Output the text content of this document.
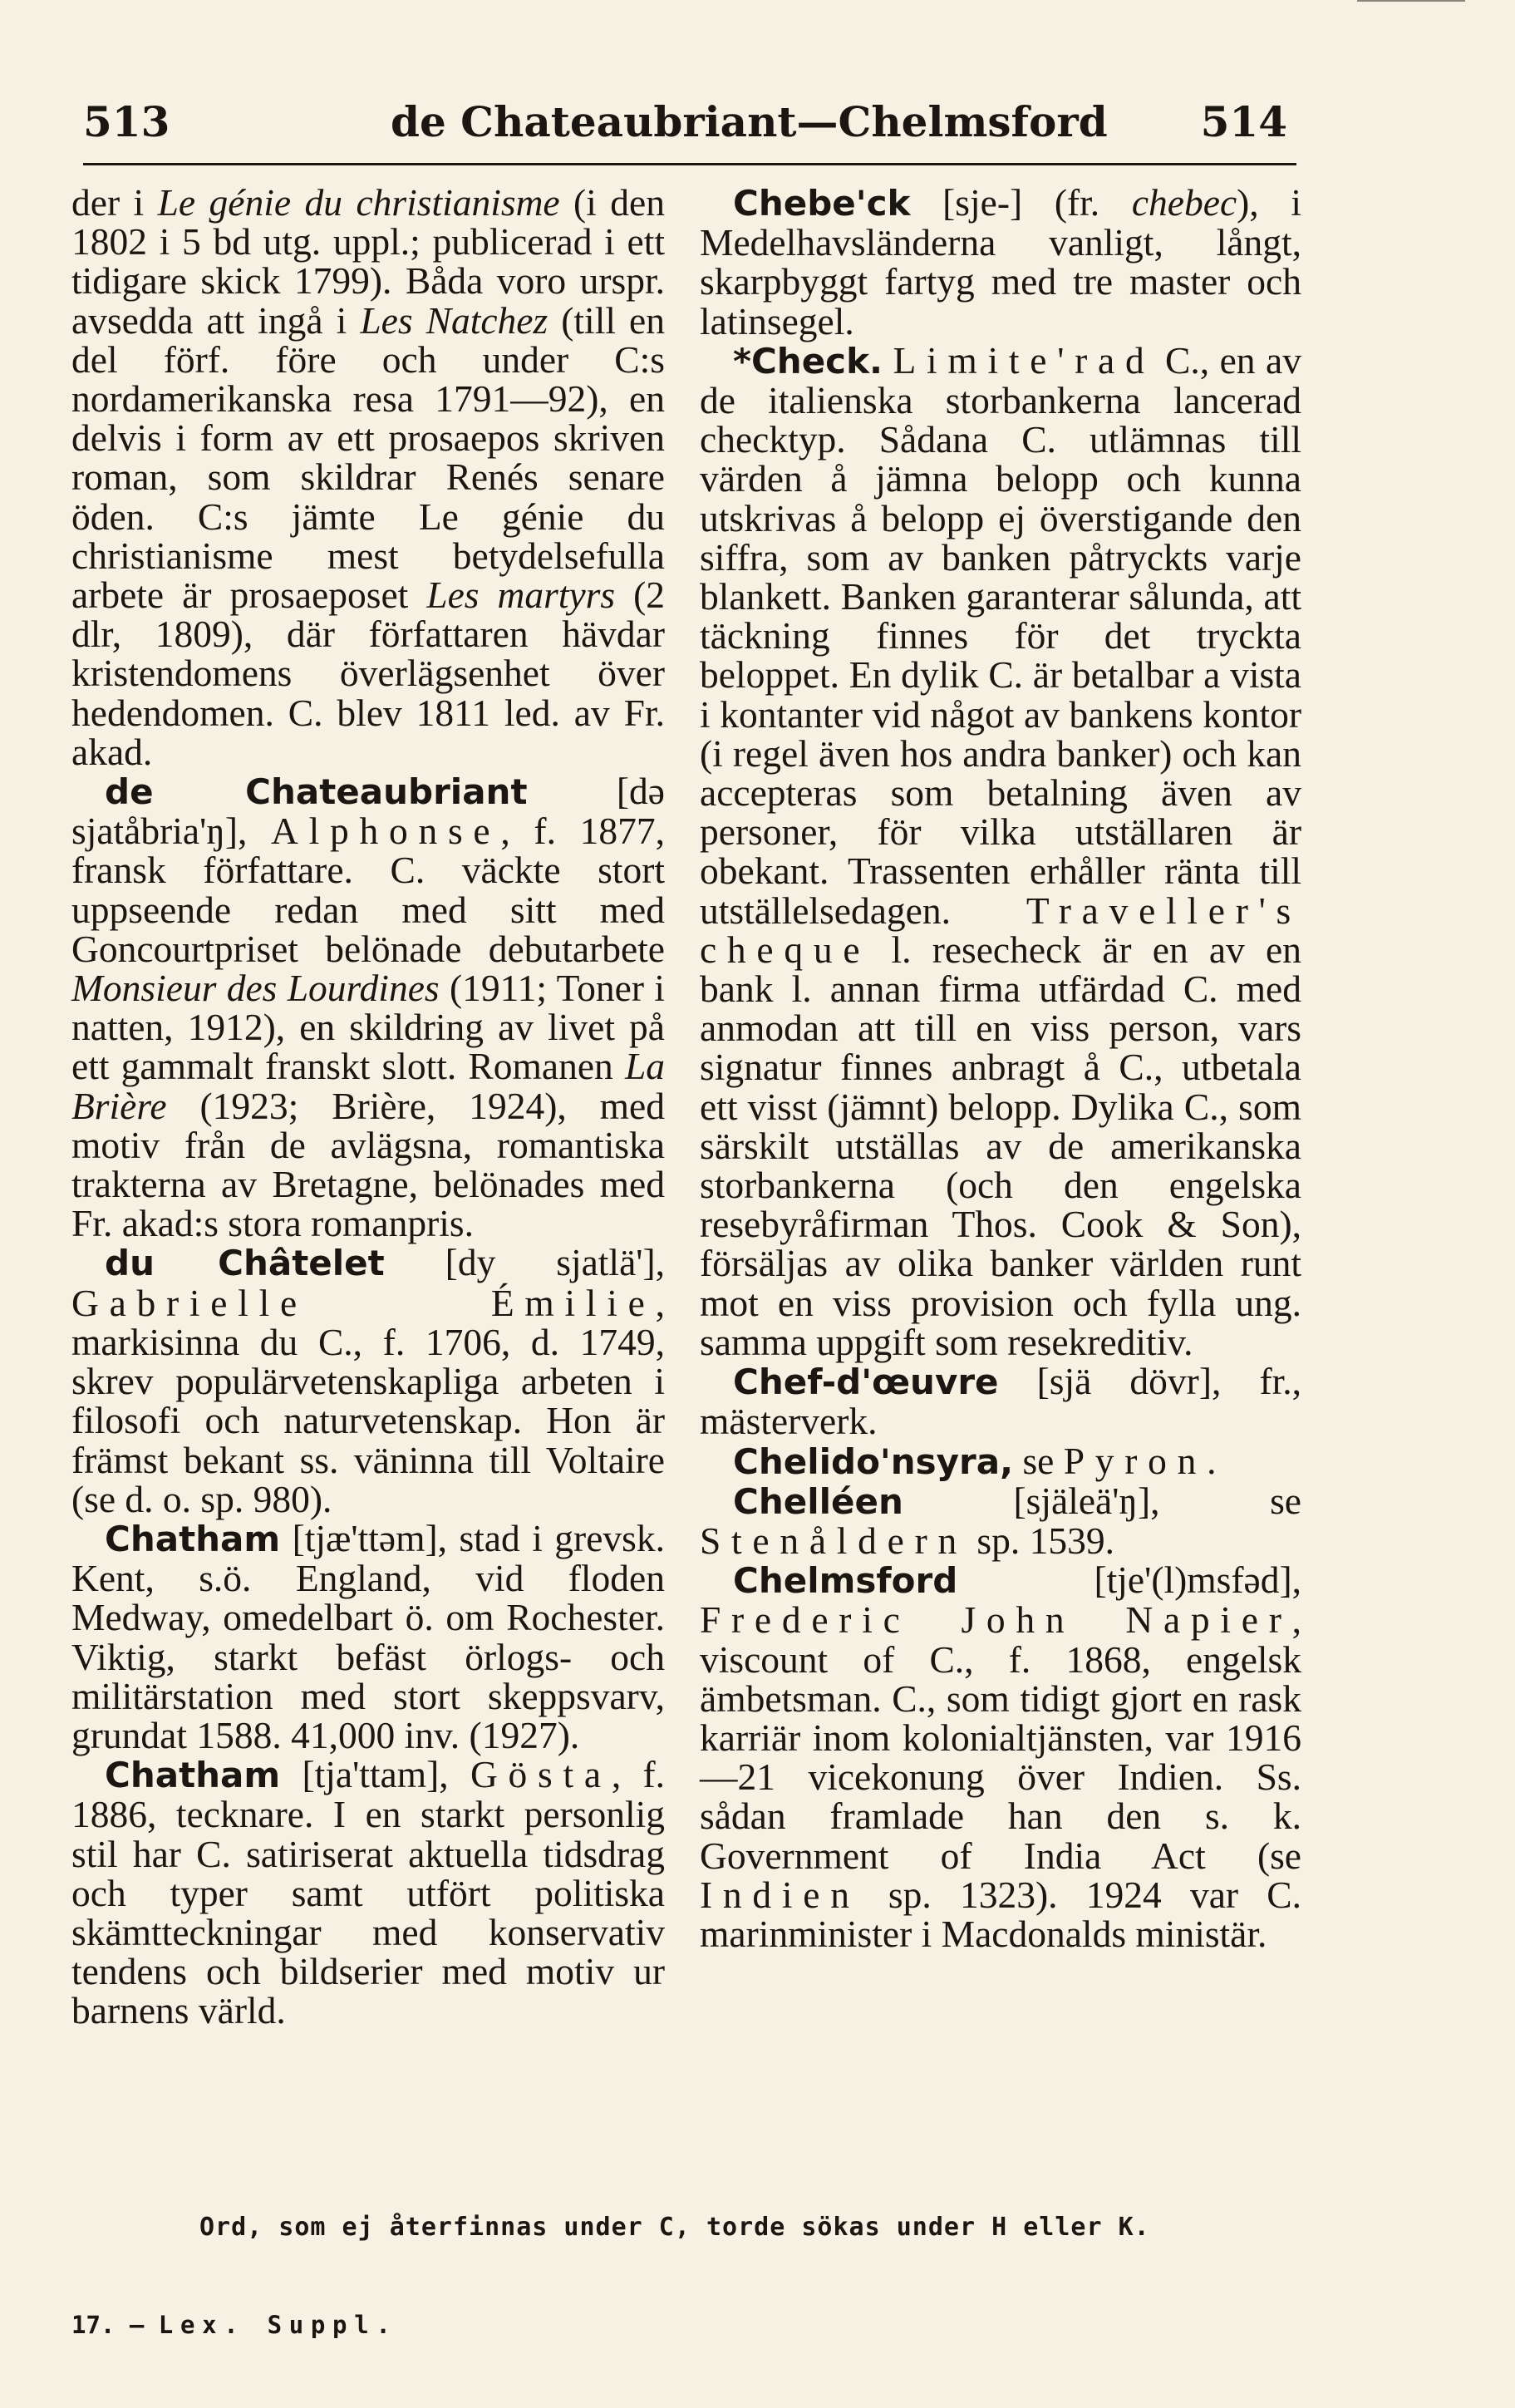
513	de Chateaubriant—Chelmsford 514

der i Le génie du christianisme (i den 1802 i 5 bd utg. uppl.; publicerad i ett tidigare skick 1799). Båda voro urspr. avsedda att ingå i Les Natchez (till en del förf. före och under C:s nordamerikanska resa 1791—92), en delvis i form av ett prosaepos skriven roman, som skildrar Renés senare öden. C:s jämte Le génie du christianisme mest betydelsefulla arbete är prosaeposet Les martyrs (2 dlr, 1809), där författaren hävdar kristendomens överlägsenhet över hedendomen. C. blev 1811 led. av Fr. akad.

de Chateaubriant [də sjatåbria'ŋ], Alphonse, f. 1877, fransk författare. C. väckte stort uppseende redan med sitt med Goncourtpriset belönade debutarbete Monsieur des Lourdines (1911; Toner i natten, 1912), en skildring av livet på ett gammalt franskt slott. Romanen La Brière (1923; Brière, 1924), med motiv från de avlägsna, romantiska trakterna av Bretagne, belönades med Fr. akad:s stora romanpris.

du Châtelet [dy sjatlä'], Gabrielle Émilie, markisinna du C., f. 1706, d. 1749, skrev populärvetenskapliga arbeten i filosofi och naturvetenskap. Hon är främst bekant ss. väninna till Voltaire (se d. o. sp. 980).

Chatham [tjæ'ttəm], stad i grevsk. Kent, s.ö. England, vid floden Medway, omedelbart ö. om Rochester. Viktig, starkt befäst örlogs- och militärstation med stort skeppsvarv, grundat 1588. 41,000 inv. (1927).

Chatham [tja'ttam], Gösta, f. 1886, tecknare. I en starkt personlig stil har C. satiriserat aktuella tidsdrag och typer samt utfört politiska skämtteckningar med konservativ tendens och bildserier med motiv ur barnens värld.

Chebe'ck [sje-] (fr. chebec), i Medelhavsländerna vanligt, långt, skarpbyggt fartyg med tre master och latinsegel.

*Check. Limite'rad C., en av de italienska storbankerna lancerad checktyp. Sådana C. utlämnas till värden å jämna belopp och kunna utskrivas å belopp ej överstigande den siffra, som av banken påtryckts varje blankett. Banken garanterar sålunda, att täckning finnes för det tryckta beloppet. En dylik C. är betalbar a vista i kontanter vid något av bankens kontor (i regel även hos andra banker) och kan accepteras som betalning även av personer, för vilka utställaren är obekant. Trassenten erhåller ränta till utställelsedagen. Traveller's cheque l. resecheck är en av en bank l. annan firma utfärdad C. med anmodan att till en viss person, vars signatur finnes anbragt å C., utbetala ett visst (jämnt) belopp. Dylika C., som särskilt utställas av de amerikanska storbankerna (och den engelska resebyråfirman Thos. Cook & Son), försäljas av olika banker världen runt mot en viss provision och fylla ung. samma uppgift som resekreditiv.

Chef-d'œuvre [sjä dövr], fr., mästerverk.

Chelido'nsyra, se Pyron.

Chelléen [själeä'ŋ], se Stenåldern sp. 1539.

Chelmsford [tje'(l)msfəd], Frederic John Napier, viscount of C., f. 1868, engelsk ämbetsman. C., som tidigt gjort en rask karriär inom kolonialtjänsten, var 1916—21 vicekonung över Indien. Ss. sådan framlade han den s. k. Government of India Act (se Indien sp. 1323). 1924 var C. marinminister i Macdonalds ministär.

Ord, som ej återfinnas under C, torde sökas under H eller K.
17. — Lex. Suppl.
